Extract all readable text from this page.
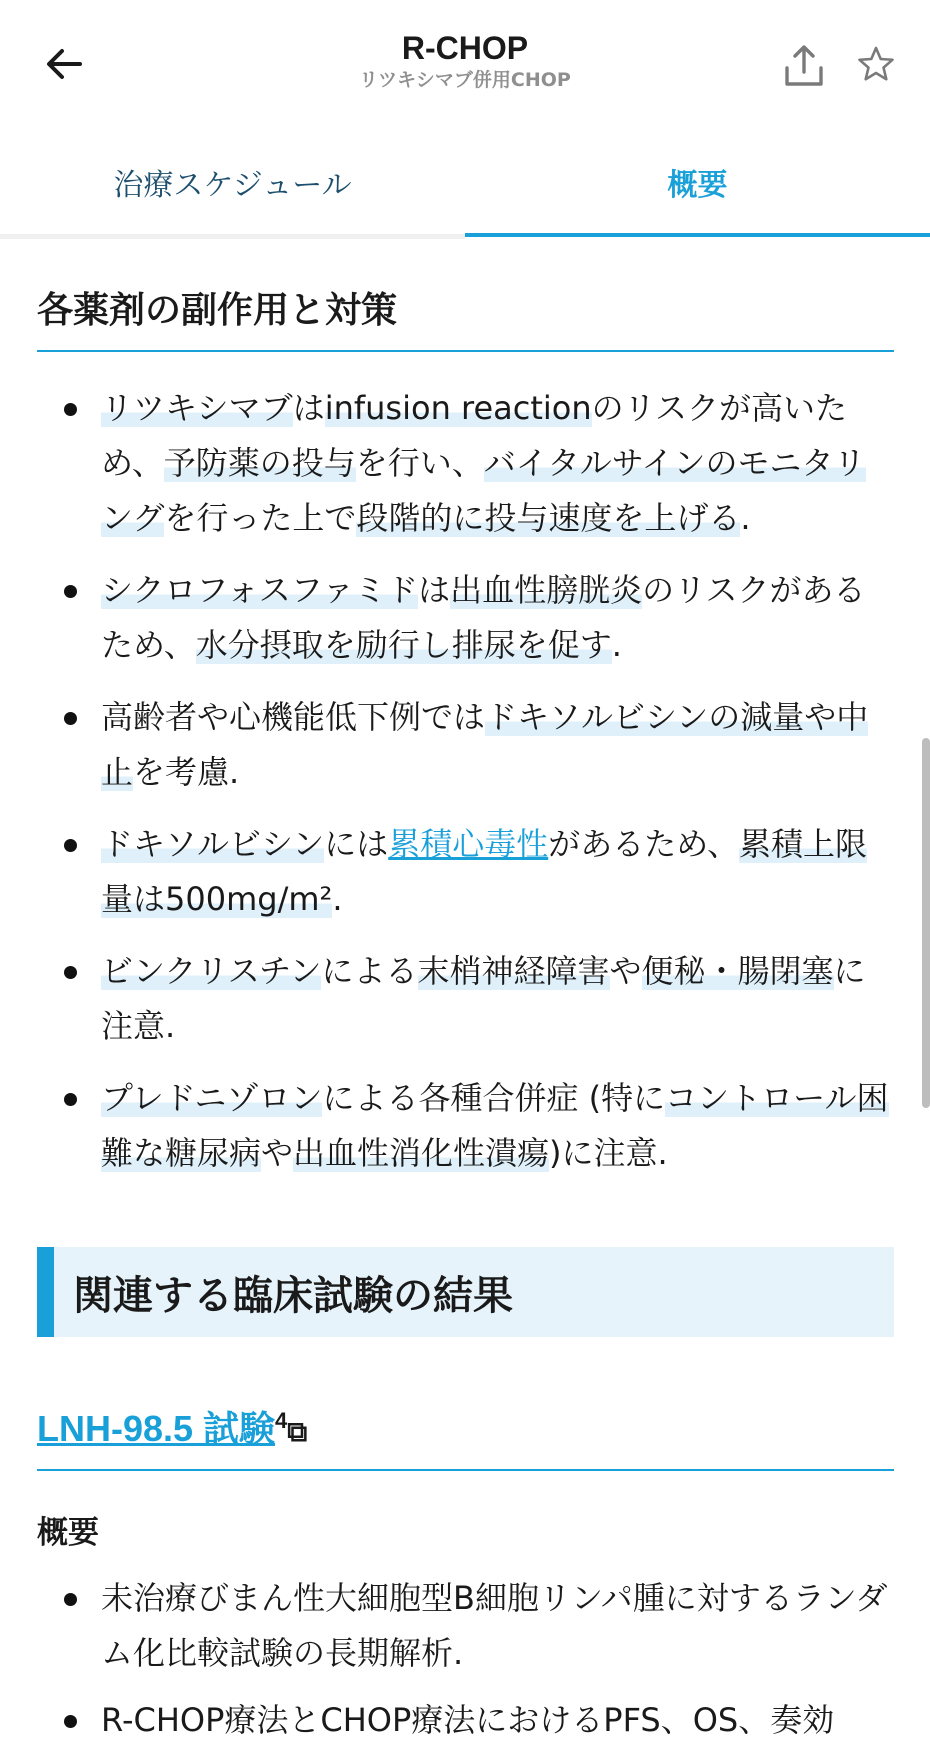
R-CHOP
リツキシマブ併用CHOP
治療スケジュール	概要
各薬剤の副作用と対策
リツキシマブはinfusion reactionのリスクが高いため、予防薬の投与を行い、バイタルサインのモニタリングを行った上で段階的に投与速度を上げる.
シクロフォスファミドは出血性膀胱炎のリスクがあるため、水分摂取を励行し排尿を促す.
高齢者や心機能低下例ではドキソルビシンの減量や中止を考慮.
ドキソルビシンには累積心毒性があるため、累積上限量は500mg/m².
ビンクリスチンによる末梢神経障害や便秘・腸閉塞に注意.
プレドニゾロンによる各種合併症 (特にコントロール困難な糖尿病や出血性消化性潰瘍)に注意.
関連する臨床試験の結果
LNH-98.5 試験$^4$⧉
概要
未治療びまん性大細胞型B細胞リンパ腫に対するランダム化比較試験の長期解析.
R-CHOP療法とCHOP療法におけるPFS、OS、奏効
